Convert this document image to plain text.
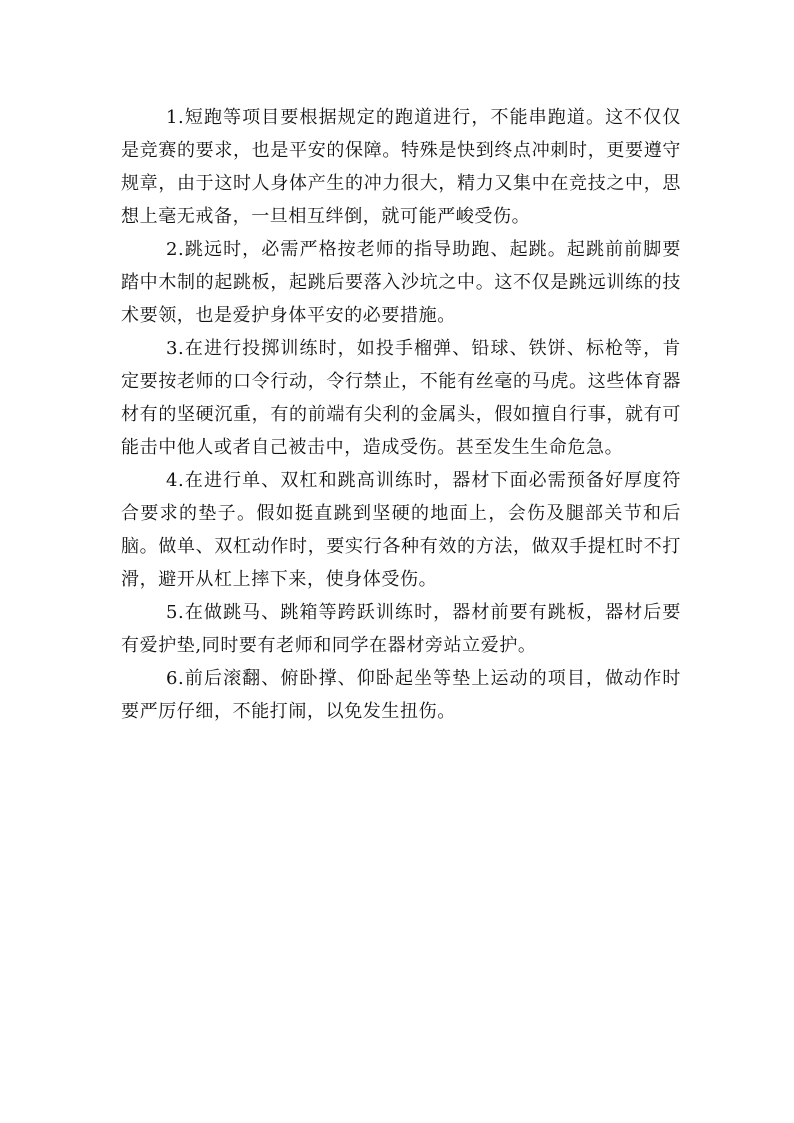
1.短跑等项目要根据规定的跑道进行，不能串跑道。这不仅仅是竞赛的要求，也是平安的保障。特殊是快到终点冲刺时，更要遵守规章，由于这时人身体产生的冲力很大，精力又集中在竞技之中，思想上毫无戒备，一旦相互绊倒，就可能严峻受伤。

2.跳远时，必需严格按老师的指导助跑、起跳。起跳前前脚要踏中木制的起跳板，起跳后要落入沙坑之中。这不仅是跳远训练的技术要领，也是爱护身体平安的必要措施。

3.在进行投掷训练时，如投手榴弹、铅球、铁饼、标枪等，肯定要按老师的口令行动，令行禁止，不能有丝毫的马虎。这些体育器材有的坚硬沉重，有的前端有尖利的金属头，假如擅自行事，就有可能击中他人或者自己被击中，造成受伤。甚至发生生命危急。

4.在进行单、双杠和跳高训练时，器材下面必需预备好厚度符合要求的垫子。假如挺直跳到坚硬的地面上，会伤及腿部关节和后脑。做单、双杠动作时，要实行各种有效的方法，做双手提杠时不打滑，避开从杠上摔下来，使身体受伤。

5.在做跳马、跳箱等跨跃训练时，器材前要有跳板，器材后要有爱护垫,同时要有老师和同学在器材旁站立爱护。

6.前后滚翻、俯卧撑、仰卧起坐等垫上运动的项目，做动作时要严厉仔细，不能打闹，以免发生扭伤。
